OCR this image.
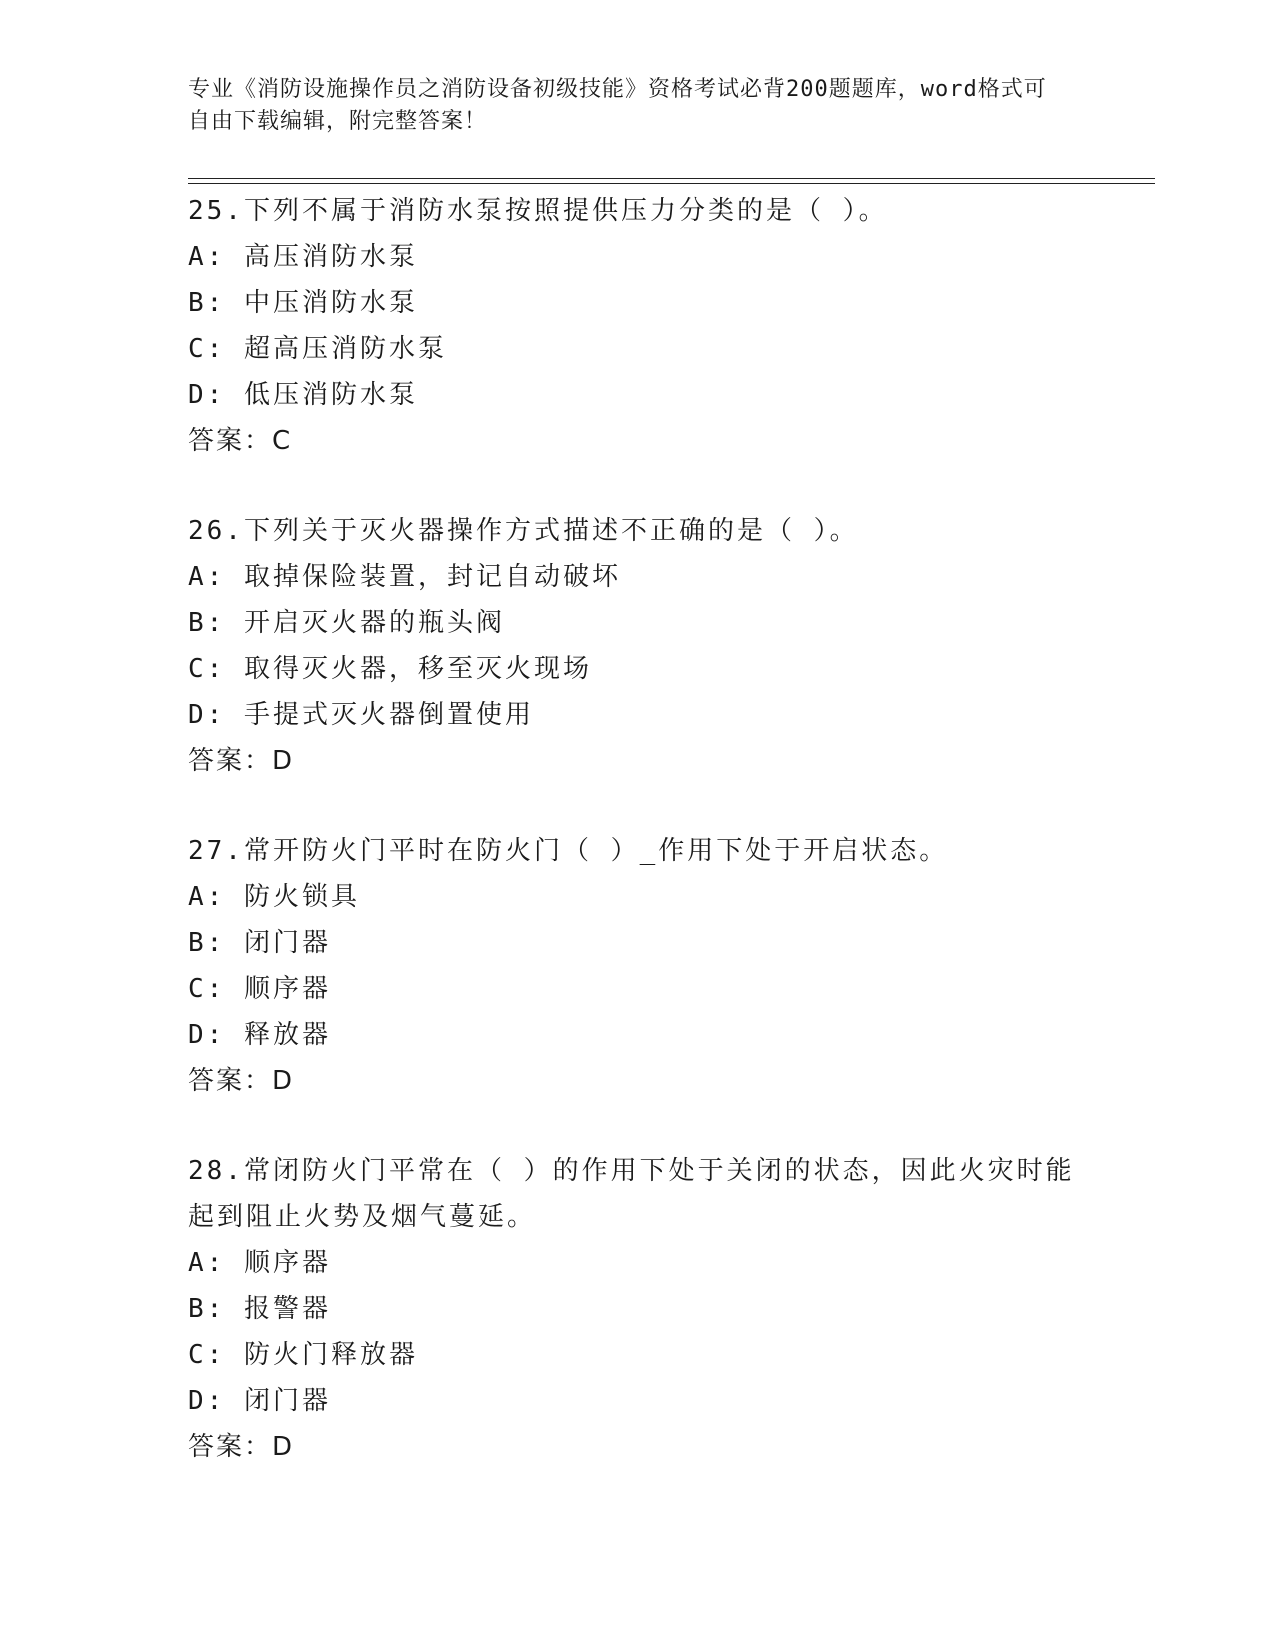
专业《消防设施操作员之消防设备初级技能》资格考试必背200题题库，word格式可自由下载编辑，附完整答案！
25.下列不属于消防水泵按照提供压力分类的是（ ）。
A: 高压消防水泵
B: 中压消防水泵
C: 超高压消防水泵
D: 低压消防水泵
答案：C
26.下列关于灭火器操作方式描述不正确的是（ ）。
A: 取掉保险装置，封记自动破坏
B: 开启灭火器的瓶头阀
C: 取得灭火器，移至灭火现场
D: 手提式灭火器倒置使用
答案：D
27.常开防火门平时在防火门（ ）_作用下处于开启状态。
A: 防火锁具
B: 闭门器
C: 顺序器
D: 释放器
答案：D
28.常闭防火门平常在（ ）的作用下处于关闭的状态，因此火灾时能起到阻止火势及烟气蔓延。
A: 顺序器
B: 报警器
C: 防火门释放器
D: 闭门器
答案：D
